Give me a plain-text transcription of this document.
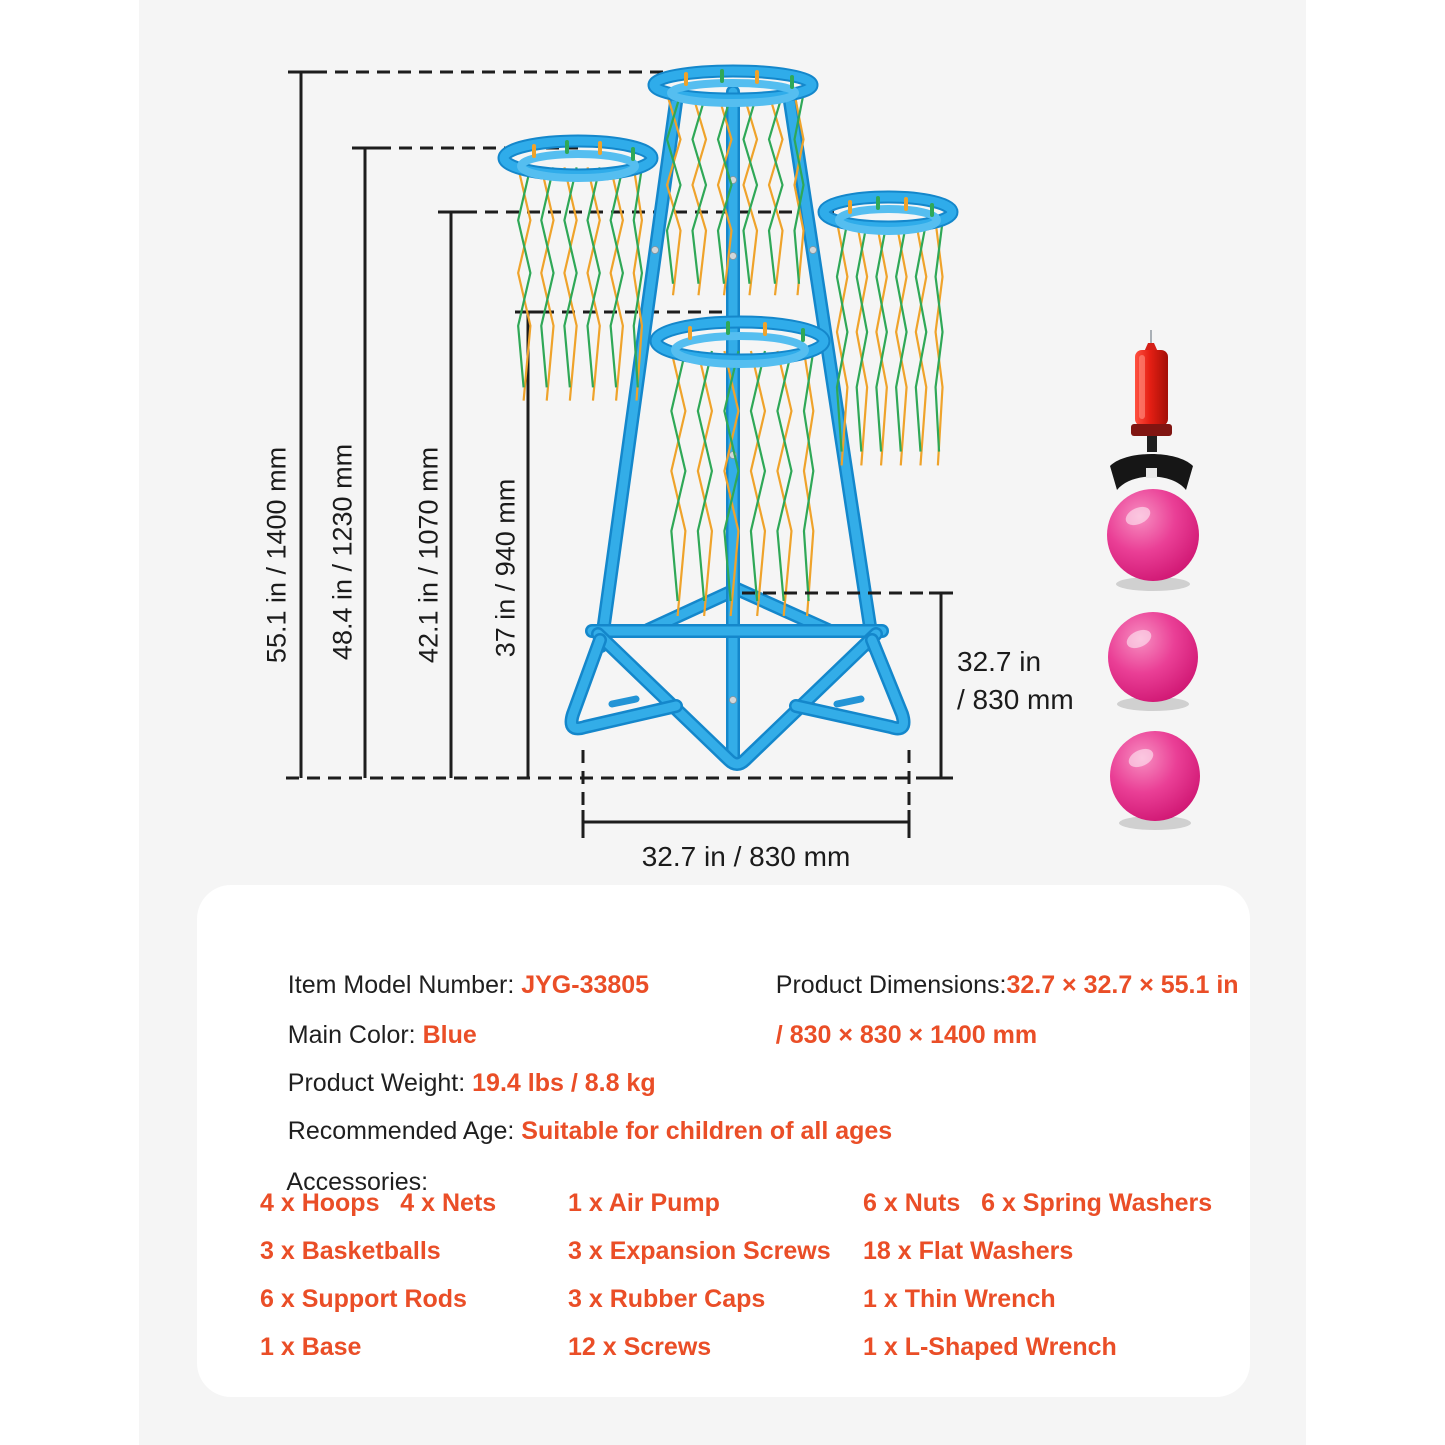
55.1 in / 1400 mm 48.4 in / 1230 mm 42.1 in / 1070 mm 37 in / 940 mm
32.7 in
/ 830 mm
32.7 in / 830 mm

Item Model Number: JYG-33805

Main Color: Blue

Product Weight: 19.4 lbs / 8.8 kg

Recommended Age: Suitable for children of all ages

Product Dimensions:32.7 × 32.7 × 55.1 in

/ 830 × 830 × 1400 mm

Accessories:

4 x Hoops   4 x Nets
3 x Basketballs
6 x Support Rods
1 x Base
1 x Air Pump
3 x Expansion Screws
3 x Rubber Caps
12 x Screws
6 x Nuts   6 x Spring Washers
18 x Flat Washers
1 x Thin Wrench
1 x L-Shaped Wrench
